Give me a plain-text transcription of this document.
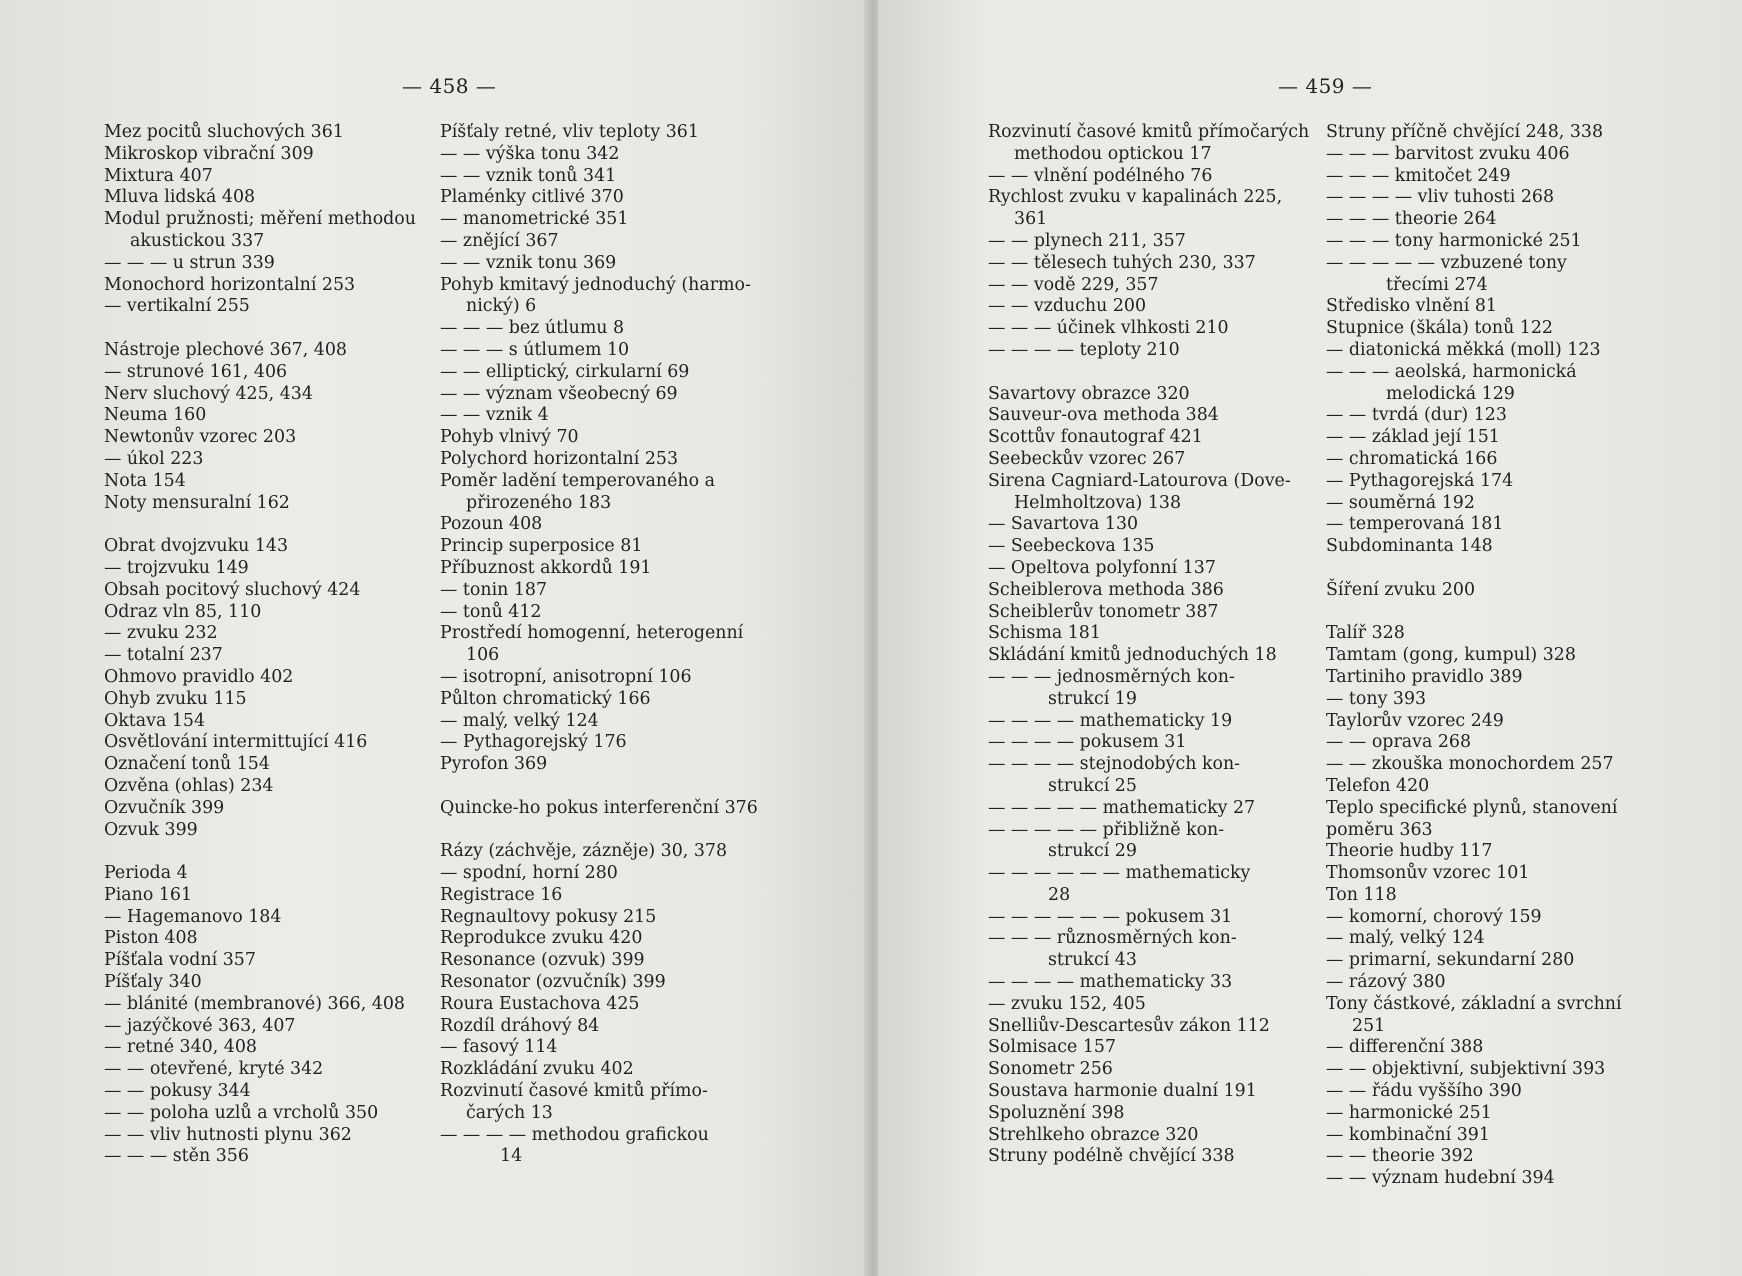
— 458 —
Mez pocitů sluchových 361
Mikroskop vibrační 309
Mixtura 407
Mluva lidská 408
Modul pružnosti; měření methodou
akustickou 337
— — — u strun 339
Monochord horizontalní 253
— vertikalní 255
Nástroje plechové 367, 408
— strunové 161, 406
Nerv sluchový 425, 434
Neuma 160
Newtonův vzorec 203
— úkol 223
Nota 154
Noty mensuralní 162
Obrat dvojzvuku 143
— trojzvuku 149
Obsah pocitový sluchový 424
Odraz vln 85, 110
— zvuku 232
— totalní 237
Ohmovo pravidlo 402
Ohyb zvuku 115
Oktava 154
Osvětlování intermittující 416
Označení tonů 154
Ozvěna (ohlas) 234
Ozvučník 399
Ozvuk 399
Perioda 4
Piano 161
— Hagemanovo 184
Piston 408
Píšťala vodní 357
Píšťaly 340
— blánité (membranové) 366, 408
— jazýčkové 363, 407
— retné 340, 408
— — otevřené, kryté 342
— — pokusy 344
— — poloha uzlů a vrcholů 350
— — vliv hutnosti plynu 362
— — — stěn 356
Píšťaly retné, vliv teploty 361
— — výška tonu 342
— — vznik tonů 341
Plaménky citlivé 370
— manometrické 351
— znějící 367
— — vznik tonu 369
Pohyb kmitavý jednoduchý (harmo-
nický) 6
— — — bez útlumu 8
— — — s útlumem 10
— — elliptický, cirkularní 69
— — význam všeobecný 69
— — vznik 4
Pohyb vlnivý 70
Polychord horizontalní 253
Poměr ladění temperovaného a
přirozeného 183
Pozoun 408
Princip superposice 81
Příbuznost akkordů 191
— tonin 187
— tonů 412
Prostředí homogenní, heterogenní
106
— isotropní, anisotropní 106
Půlton chromatický 166
— malý, velký 124
— Pythagorejský 176
Pyrofon 369
Quincke-ho pokus interferenční 376
Rázy (záchvěje, zázněje) 30, 378
— spodní, horní 280
Registrace 16
Regnaultovy pokusy 215
Reprodukce zvuku 420
Resonance (ozvuk) 399
Resonator (ozvučník) 399
Roura Eustachova 425
Rozdíl dráhový 84
— fasový 114
Rozkládání zvuku 402
Rozvinutí časové kmitů přímo-
čarých 13
— — — — methodou grafickou
14
— 459 —
Rozvinutí časové kmitů přímočarých
methodou optickou 17
— — vlnění podélného 76
Rychlost zvuku v kapalinách 225,
361
— — plynech 211, 357
— — tělesech tuhých 230, 337
— — vodě 229, 357
— — vzduchu 200
— — — účinek vlhkosti 210
— — — — teploty 210
Savartovy obrazce 320
Sauveur-ova methoda 384
Scottův fonautograf 421
Seebeckův vzorec 267
Sirena Cagniard-Latourova (Dove-
Helmholtzova) 138
— Savartova 130
— Seebeckova 135
— Opeltova polyfonní 137
Scheiblerova methoda 386
Scheiblerův tonometr 387
Schisma 181
Skládání kmitů jednoduchých 18
— — — jednosměrných kon-
strukcí 19
— — — — mathematicky 19
— — — — pokusem 31
— — — — stejnodobých kon-
strukcí 25
— — — — — mathematicky 27
— — — — — přibližně kon-
strukcí 29
— — — — — — mathematicky
28
— — — — — — pokusem 31
— — — různosměrných kon-
strukcí 43
— — — — mathematicky 33
— zvuku 152, 405
Snelliův-Descartesův zákon 112
Solmisace 157
Sonometr 256
Soustava harmonie dualní 191
Spoluznění 398
Strehlkeho obrazce 320
Struny podélně chvějící 338
Struny příčně chvějící 248, 338
— — — barvitost zvuku 406
— — — kmitočet 249
— — — — vliv tuhosti 268
— — — theorie 264
— — — tony harmonické 251
— — — — — vzbuzené tony
třecími 274
Středisko vlnění 81
Stupnice (škála) tonů 122
— diatonická měkká (moll) 123
— — — aeolská, harmonická
melodická 129
— — tvrdá (dur) 123
— — základ její 151
— chromatická 166
— Pythagorejská 174
— souměrná 192
— temperovaná 181
Subdominanta 148
Šíření zvuku 200
Talíř 328
Tamtam (gong, kumpul) 328
Tartiniho pravidlo 389
— tony 393
Taylorův vzorec 249
— — oprava 268
— — zkouška monochordem 257
Telefon 420
Teplo specifické plynů, stanovení
poměru 363
Theorie hudby 117
Thomsonův vzorec 101
Ton 118
— komorní, chorový 159
— malý, velký 124
— primarní, sekundarní 280
— rázový 380
Tony částkové, základní a svrchní
251
— differenční 388
— — objektivní, subjektivní 393
— — řádu vyššího 390
— harmonické 251
— kombinační 391
— — theorie 392
— — význam hudební 394
